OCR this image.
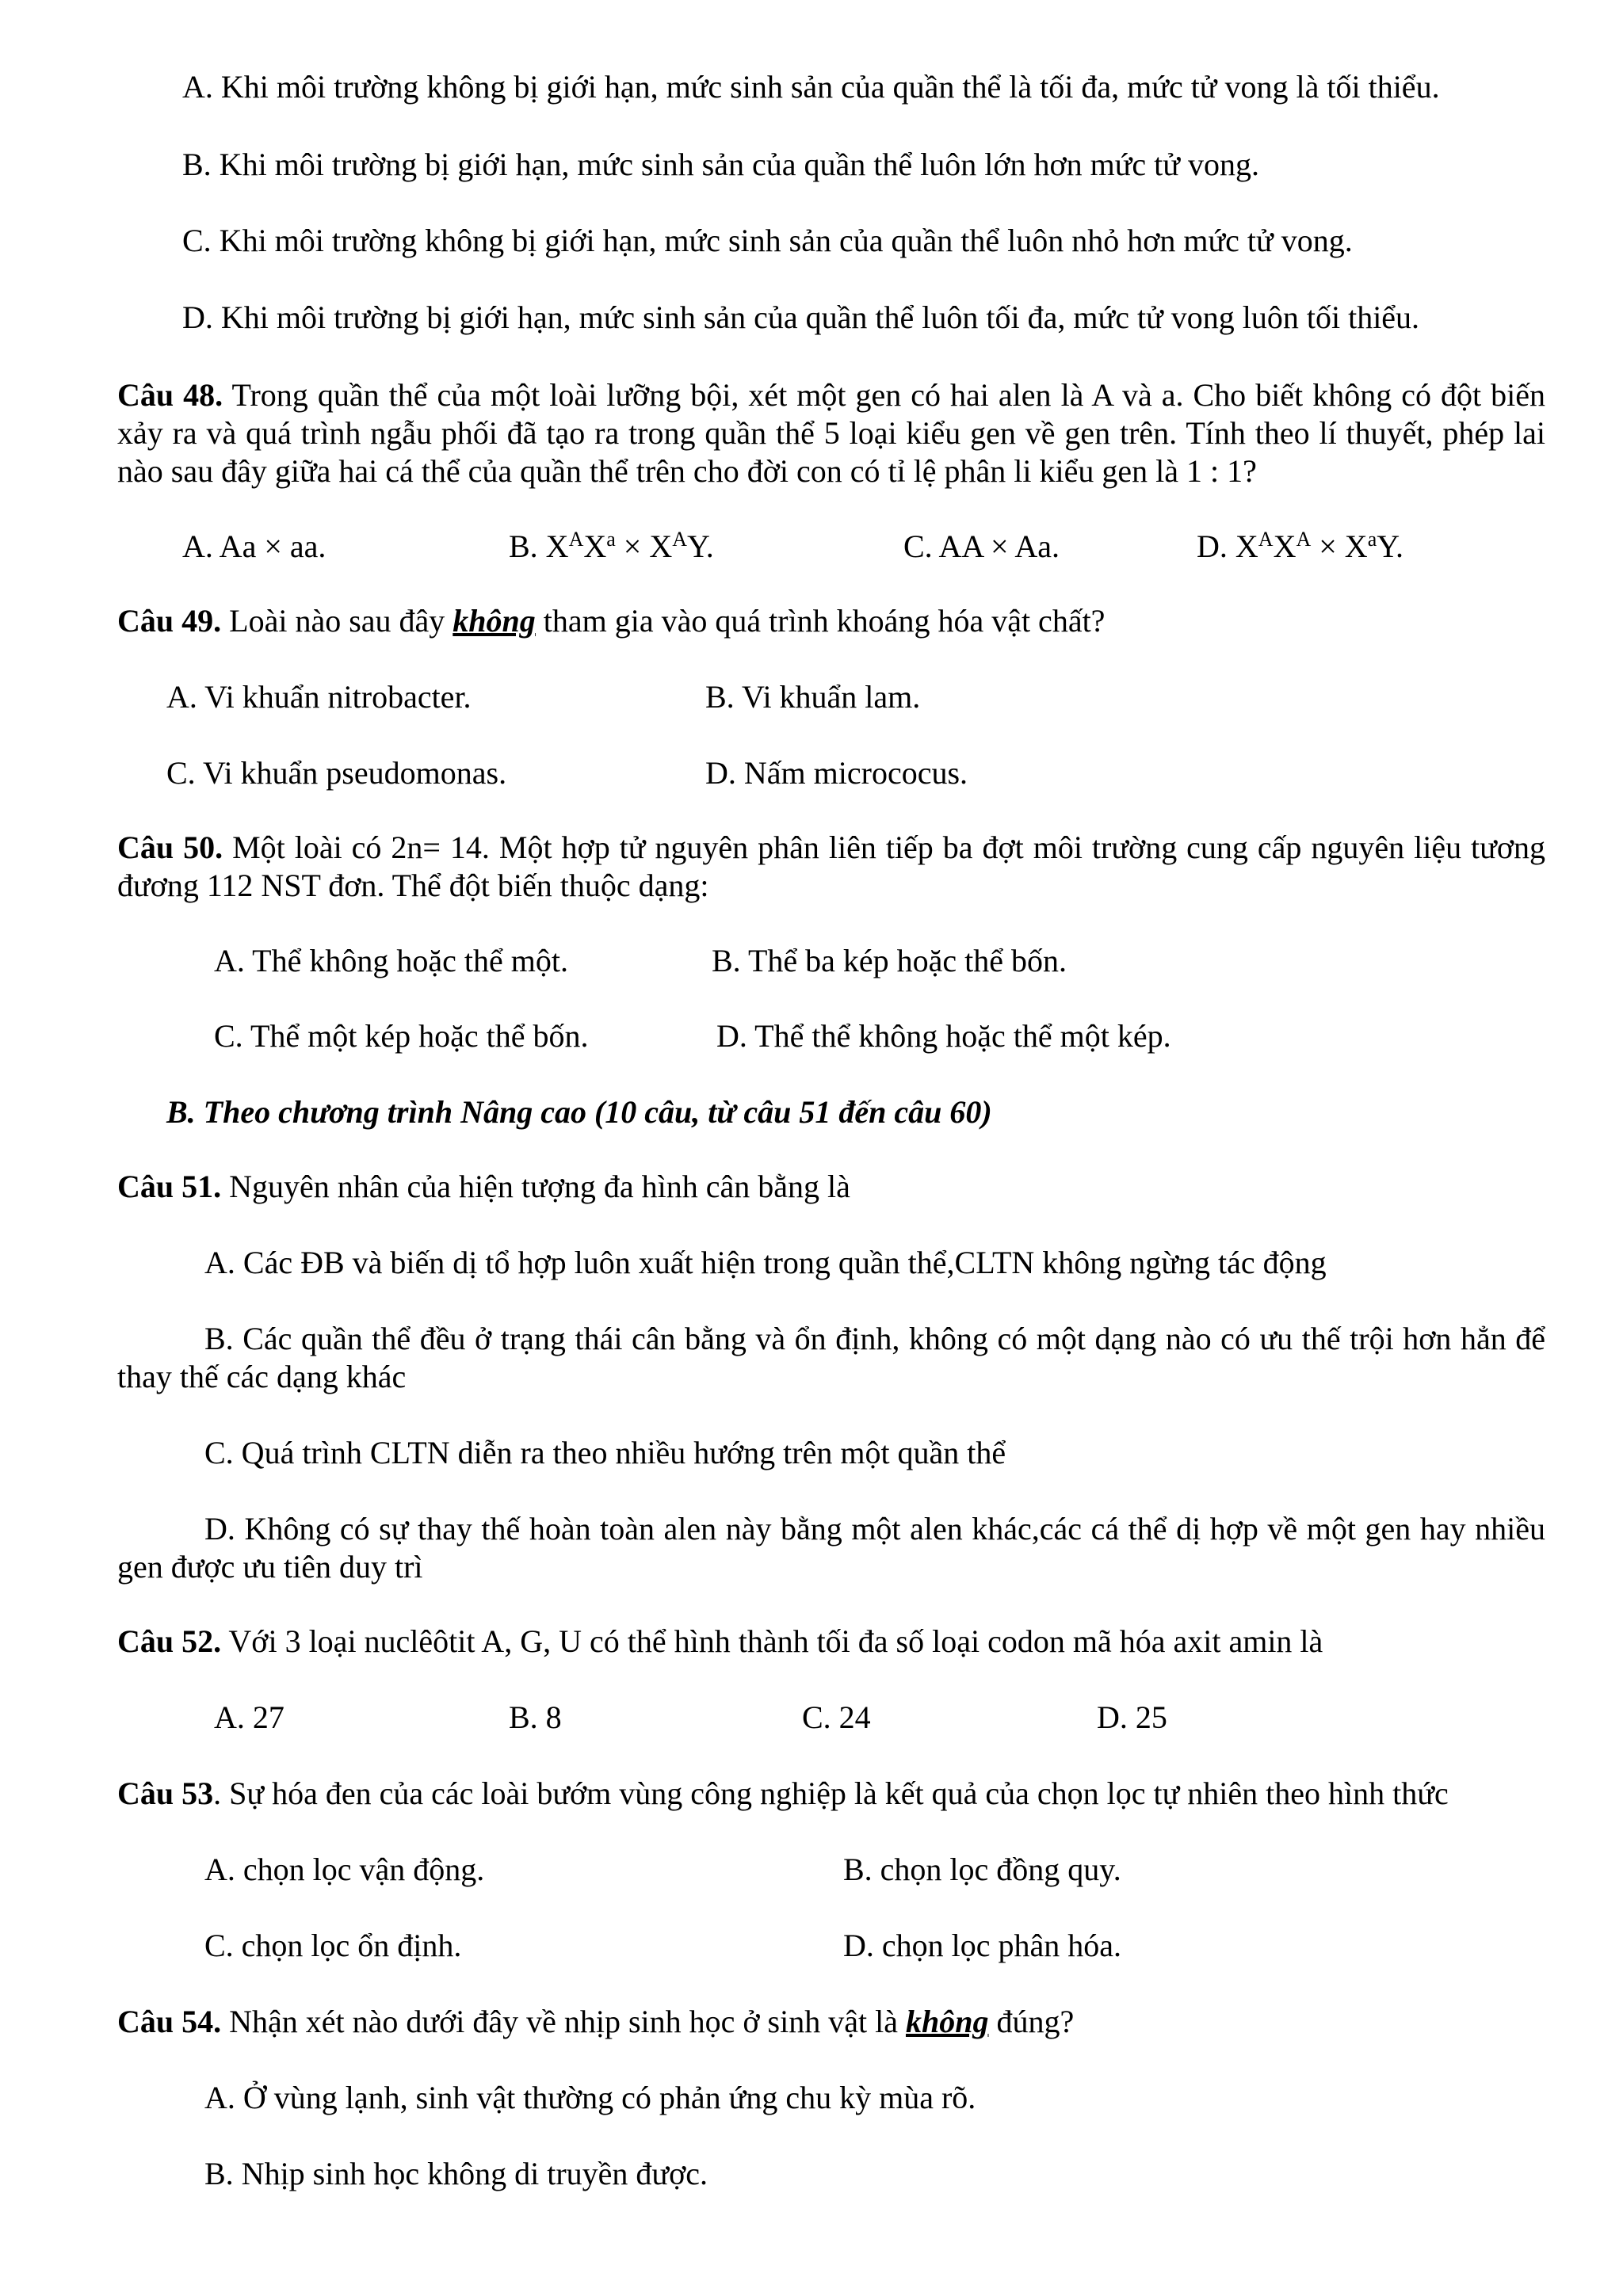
A. Khi môi trường không bị giới hạn, mức sinh sản của quần thể là tối đa, mức tử vong là tối thiểu.
B. Khi môi trường bị giới hạn, mức sinh sản của quần thể luôn lớn hơn mức tử vong.
C. Khi môi trường không bị giới hạn, mức sinh sản của quần thể luôn nhỏ hơn mức tử vong.
D. Khi môi trường bị giới hạn, mức sinh sản của quần thể luôn tối đa, mức tử vong luôn tối thiểu.
Câu 48. Trong quần thể của một loài lưỡng bội, xét một gen có hai alen là A và a. Cho biết không có đột biến xảy ra và quá trình ngẫu phối đã tạo ra trong quần thể 5 loại kiểu gen về gen trên. Tính theo lí thuyết, phép lai nào sau đây giữa hai cá thể của quần thể trên cho đời con có tỉ lệ phân li kiểu gen là 1 : 1?
A. Aa × aa.	B. $X^AX^a \times X^AY$.	C. AA × Aa.	D. $X^AX^A \times X^aY$.
Câu 49. Loài nào sau đây không tham gia vào quá trình khoáng hóa vật chất?
A. Vi khuẩn nitrobacter.	B. Vi khuẩn lam.
C. Vi khuẩn pseudomonas.	D. Nấm micrococus.
Câu 50. Một loài có 2n= 14. Một hợp tử nguyên phân liên tiếp ba đợt môi trường cung cấp nguyên liệu tương đương 112 NST đơn. Thể đột biến thuộc dạng:
A. Thể không hoặc thể một.	B. Thể ba kép hoặc thể bốn.
C. Thể một kép hoặc thể bốn.	D. Thể thể không hoặc thể một kép.
B. Theo chương trình Nâng cao (10 câu, từ câu 51 đến câu 60)
Câu 51. Nguyên nhân của hiện tượng đa hình cân bằng là
A. Các ĐB và biến dị tổ hợp luôn xuất hiện trong quần thể,CLTN không ngừng tác động
B. Các quần thể đều ở trạng thái cân bằng và ổn định, không có một dạng nào có ưu thế trội hơn hẳn để thay thế các dạng khác
C. Quá trình CLTN diễn ra theo nhiều hướng trên một quần thể
D. Không có sự thay thế hoàn toàn alen này bằng một alen khác,các cá thể dị hợp về một gen hay nhiều gen được ưu tiên duy trì
Câu 52. Với 3 loại nuclêôtit A, G, U có thể hình thành tối đa số loại codon mã hóa axit amin là
A. 27	B. 8	C. 24	D. 25
Câu 53. Sự hóa đen của các loài bướm vùng công nghiệp là kết quả của chọn lọc tự nhiên theo hình thức
A. chọn lọc vận động.	B. chọn lọc đồng quy.
C. chọn lọc ổn định.	D. chọn lọc phân hóa.
Câu 54. Nhận xét nào dưới đây về nhịp sinh học ở sinh vật là không đúng?
A. Ở vùng lạnh, sinh vật thường có phản ứng chu kỳ mùa rõ.
B. Nhịp sinh học không di truyền được.
